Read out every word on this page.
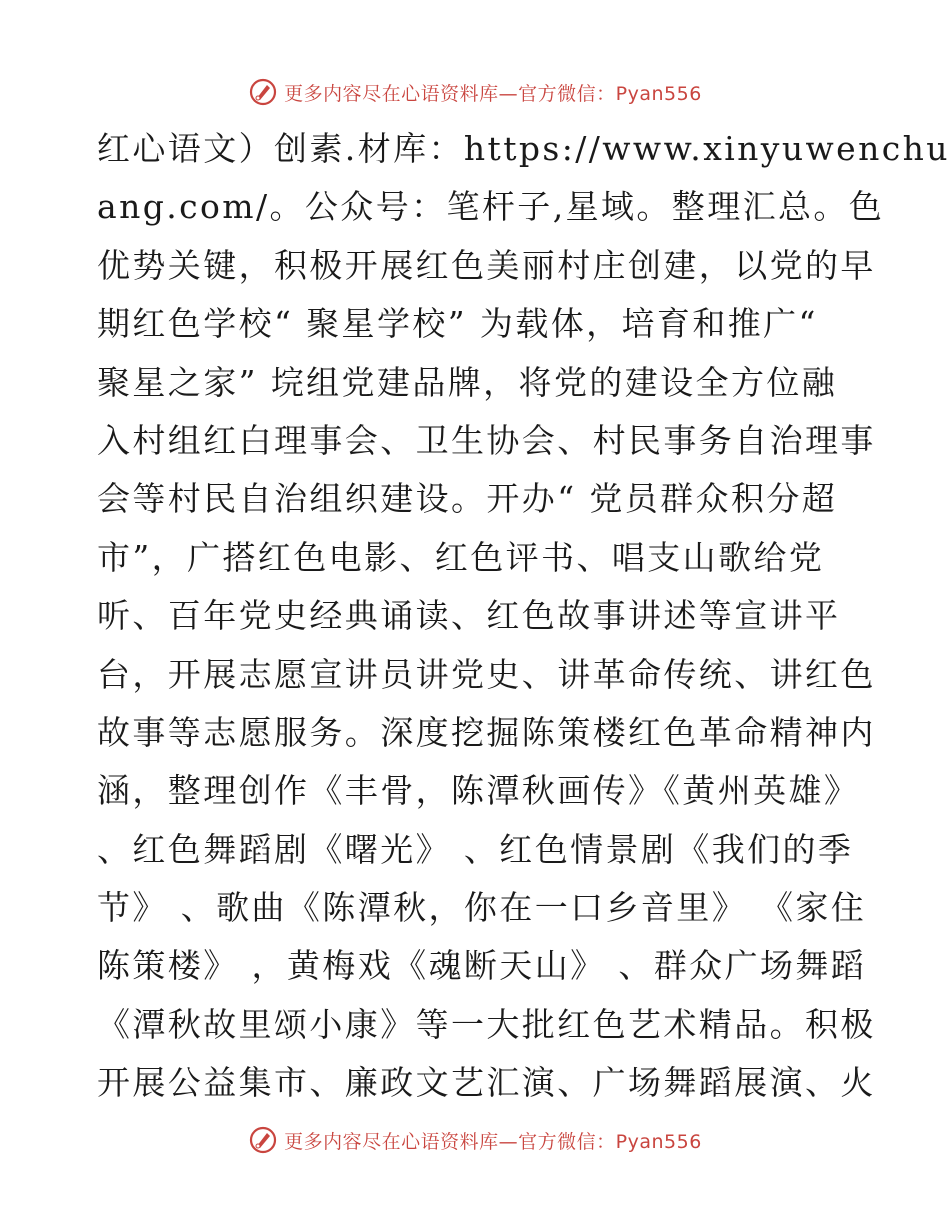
更多内容尽在心语资料库—官方微信：Pyan556
红心语文）创素.材库：https://www.xinyuwenchu
ang.com/。公众号：笔杆子,星域。整理汇总。色
优势关键，积极开展红色美丽村庄创建，以党的早
期红色学校“ 聚星学校” 为载体，培育和推广“
聚星之家” 垸组党建品牌，将党的建设全方位融
入村组红白理事会、卫生协会、村民事务自治理事
会等村民自治组织建设。开办“ 党员群众积分超
市”，广搭红色电影、红色评书、唱支山歌给党
听、百年党史经典诵读、红色故事讲述等宣讲平
台，开展志愿宣讲员讲党史、讲革命传统、讲红色
故事等志愿服务。深度挖掘陈策楼红色革命精神内
涵，整理创作《丰骨，陈潭秋画传》《黄州英雄》
、红色舞蹈剧《曙光》 、红色情景剧《我们的季
节》 、歌曲《陈潭秋，你在一口乡音里》 《家住
陈策楼》 ，黄梅戏《魂断天山》 、群众广场舞蹈
《潭秋故里颂小康》等一大批红色艺术精品。积极
开展公益集市、廉政文艺汇演、广场舞蹈展演、火
更多内容尽在心语资料库—官方微信：Pyan556
